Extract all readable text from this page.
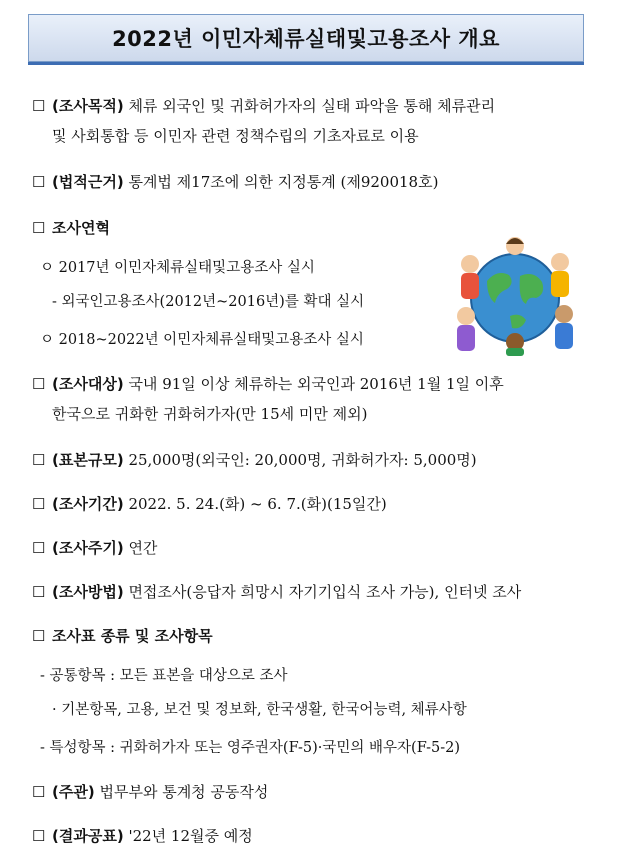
2022년 이민자체류실태및고용조사 개요
☐ (조사목적) 체류 외국인 및 귀화허가자의 실태 파악을 통해 체류관리
및 사회통합 등 이민자 관련 정책수립의 기초자료로 이용
☐ (법적근거) 통계법 제17조에 의한 지정통계 (제920018호)
☐ 조사연혁
ㅇ 2017년 이민자체류실태및고용조사 실시
- 외국인고용조사(2012년~2016년)를 확대 실시
ㅇ 2018~2022년 이민자체류실태및고용조사 실시
☐ (조사대상) 국내 91일 이상 체류하는 외국인과 2016년 1월 1일 이후
한국으로 귀화한 귀화허가자(만 15세 미만 제외)
☐ (표본규모) 25,000명(외국인: 20,000명, 귀화허가자: 5,000명)
☐ (조사기간) 2022. 5. 24.(화) ~ 6. 7.(화)(15일간)
☐ (조사주기) 연간
☐ (조사방법) 면접조사(응답자 희망시 자기기입식 조사 가능), 인터넷 조사
☐ 조사표 종류 및 조사항목
- 공통항목 : 모든 표본을 대상으로 조사
· 기본항목, 고용, 보건 및 정보화, 한국생활, 한국어능력, 체류사항
- 특성항목 : 귀화허가자 또는 영주권자(F-5)·국민의 배우자(F-5-2)
☐ (주관) 법무부와 통계청 공동작성
☐ (결과공표) '22년 12월중 예정
